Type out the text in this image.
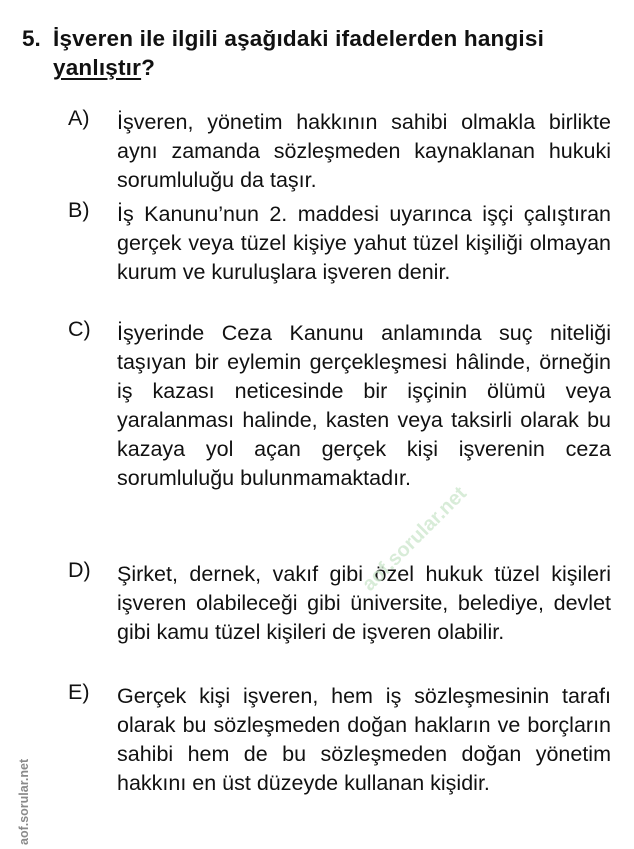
5. İşveren ile ilgili aşağıdaki ifadelerden hangisi yanlıştır?
A) İşveren, yönetim hakkının sahibi olmakla birlikte aynı zamanda sözleşmeden kaynaklanan hukuki sorumluluğu da taşır.
B) İş Kanunu’nun 2. maddesi uyarınca işçi çalıştıran gerçek veya tüzel kişiye yahut tüzel kişiliği olmayan kurum ve kuruluşlara işveren denir.
C) İşyerinde Ceza Kanunu anlamında suç niteliği taşıyan bir eylemin gerçekleşmesi hâlinde, örneğin iş kazası neticesinde bir işçinin ölümü veya yaralanması halinde, kasten veya taksirli olarak bu kazaya yol açan gerçek kişi işverenin ceza sorumluluğu bulunmamaktadır.
D) Şirket, dernek, vakıf gibi özel hukuk tüzel kişileri işveren olabileceği gibi üniversite, belediye, devlet gibi kamu tüzel kişileri de işveren olabilir.
E) Gerçek kişi işveren, hem iş sözleşmesinin tarafı olarak bu sözleşmeden doğan hakların ve borçların sahibi hem de bu sözleşmeden doğan yönetim hakkını en üst düzeyde kullanan kişidir.
aof.sorular.net
aof.sorular.net
